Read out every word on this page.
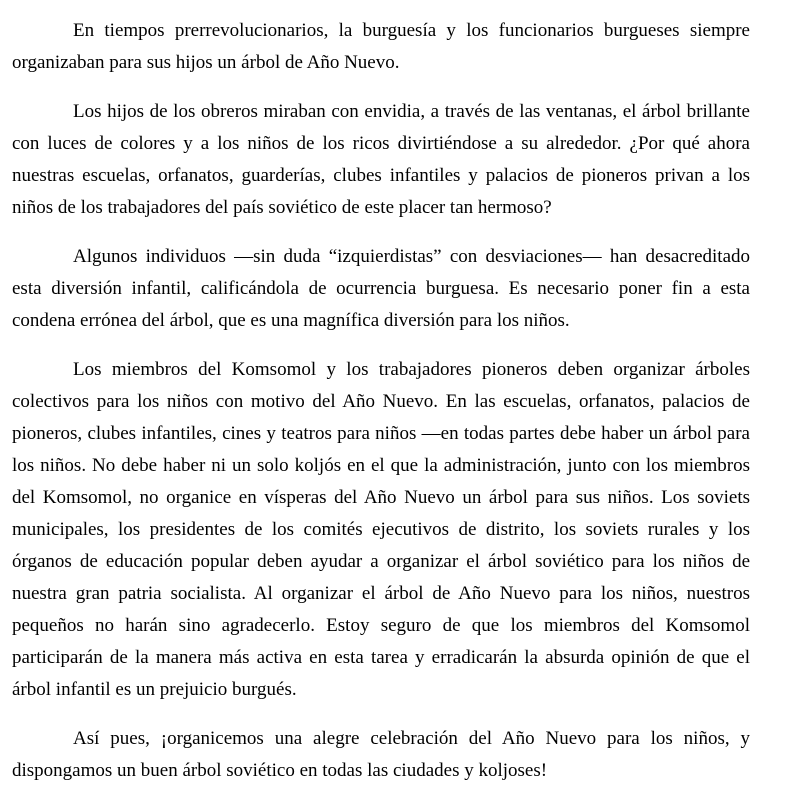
En tiempos prerrevolucionarios, la burguesía y los funcionarios burgueses siempre organizaban para sus hijos un árbol de Año Nuevo.

Los hijos de los obreros miraban con envidia, a través de las ventanas, el árbol brillante con luces de colores y a los niños de los ricos divirtiéndose a su alrededor. ¿Por qué ahora nuestras escuelas, orfanatos, guarderías, clubes infantiles y palacios de pioneros privan a los niños de los trabajadores del país soviético de este placer tan hermoso?

Algunos individuos —sin duda “izquierdistas” con desviaciones— han desacreditado esta diversión infantil, calificándola de ocurrencia burguesa. Es necesario poner fin a esta condena errónea del árbol, que es una magnífica diversión para los niños.

Los miembros del Komsomol y los trabajadores pioneros deben organizar árboles colectivos para los niños con motivo del Año Nuevo. En las escuelas, orfanatos, palacios de pioneros, clubes infantiles, cines y teatros para niños —en todas partes debe haber un árbol para los niños. No debe haber ni un solo koljós en el que la administración, junto con los miembros del Komsomol, no organice en vísperas del Año Nuevo un árbol para sus niños. Los soviets municipales, los presidentes de los comités ejecutivos de distrito, los soviets rurales y los órganos de educación popular deben ayudar a organizar el árbol soviético para los niños de nuestra gran patria socialista. Al organizar el árbol de Año Nuevo para los niños, nuestros pequeños no harán sino agradecerlo. Estoy seguro de que los miembros del Komsomol participarán de la manera más activa en esta tarea y erradicarán la absurda opinión de que el árbol infantil es un prejuicio burgués.

Así pues, ¡organicemos una alegre celebración del Año Nuevo para los niños, y dispongamos un buen árbol soviético en todas las ciudades y koljoses!
